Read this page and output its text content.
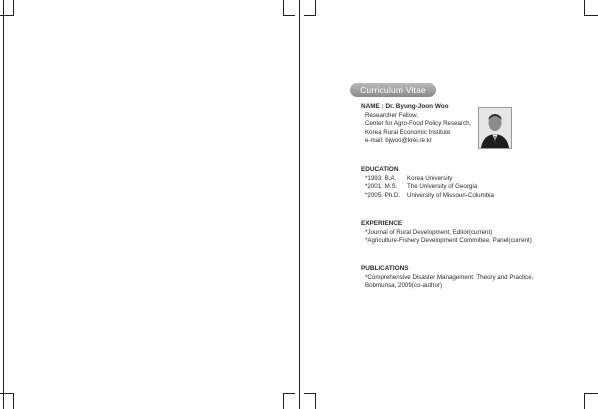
Curriculum Vitae
NAME : Dr. Byung-Joon Woo
Researcher Fellow,
Center for Agro-Food Policy Research,
Korea Rural Economic Institute
e-mail: bjwoo@krei.re.kr
EDUCATION
*1993: B.A. Korea University
*2001: M.S. The University of Georgia
*2005: Ph.D. University of Missouri-Columbia
EXPERIENCE
*Journal of Rural Development, Editor(current)
*Agriculture-Fishery Development Committee, Panel(current)
PUBLICATIONS
*Comprehensive Disaster Management: Theory and Practice, Bobmunsa, 2009(co-author)
